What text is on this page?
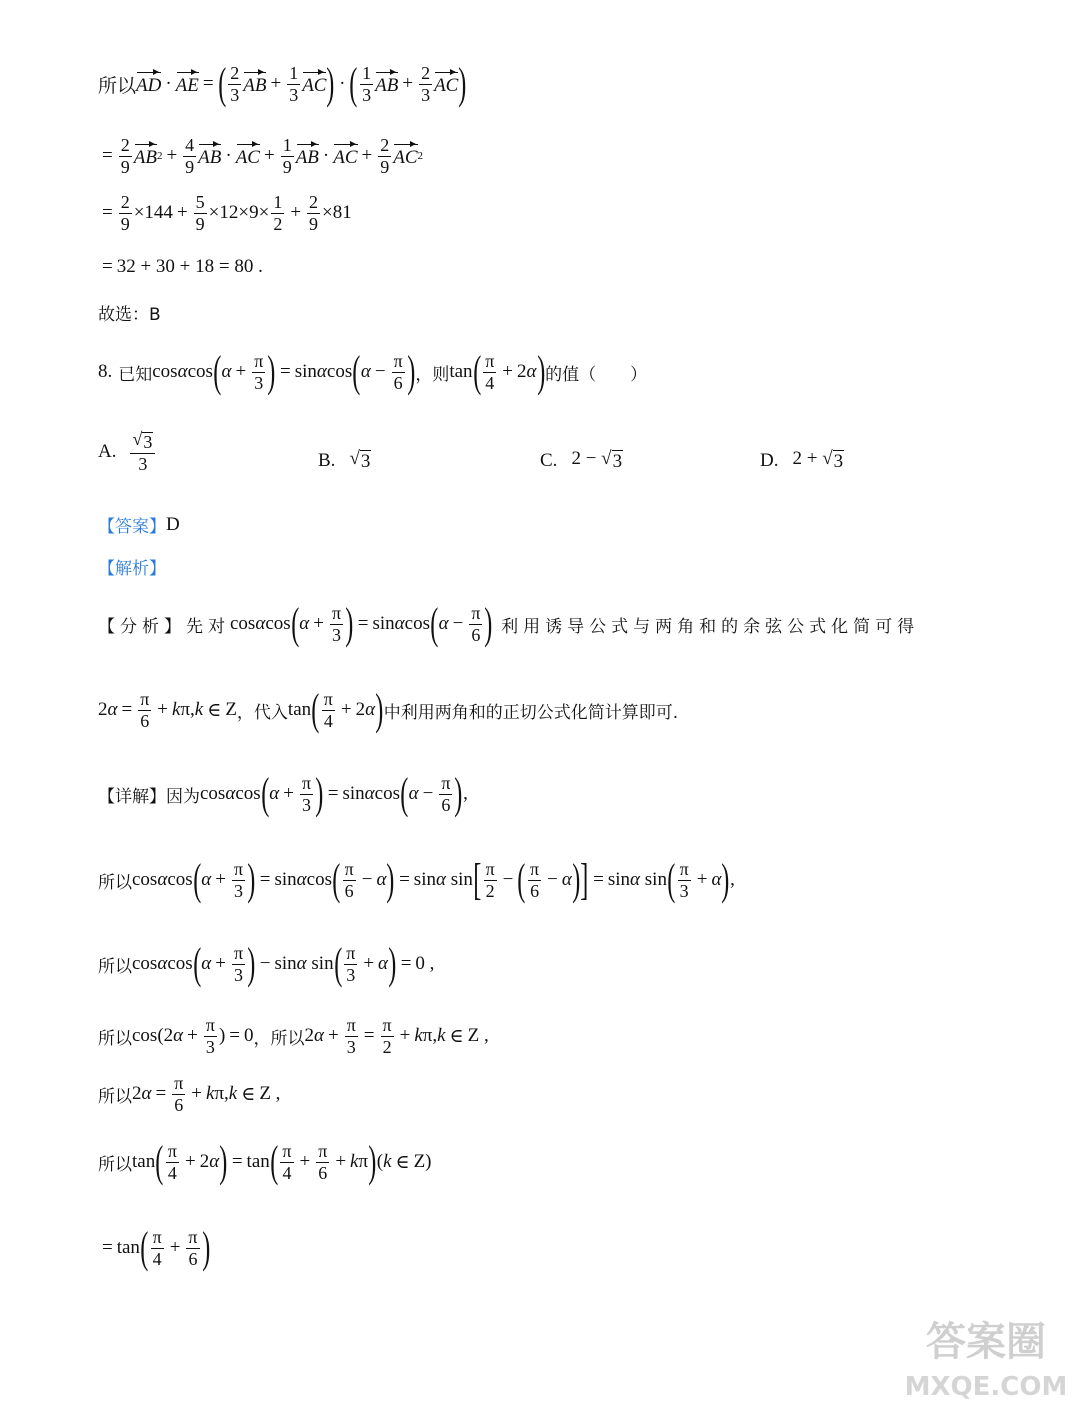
所以 AD · AE = ( $\frac{2}{3}$ AB + $\frac{1}{3}$ AC ) · ( $\frac{1}{3}$ AB + $\frac{2}{3}$ AC )
= $\frac{2}{9}$ AB $2 + \frac{4}{9}$ AB · AC + $\frac{1}{9}$ AB · AC + $\frac{2}{9}$ AC 2
= $\frac{2}{9} \times 144 + \frac{5}{9} \times 12\times 9\times \frac{1}{2} + \frac{2}{9} \times 81$
= 32 + 30 + 18 = 80 .
故选：B
8. 已知 cos α cos ( $\alpha + \frac{\pi}{3}$ ) = sin α cos ( $\alpha - \frac{\pi}{6}$ ) ，则 tan ( $\frac{\pi}{4} + 2$ α ) 的值（　　）
A. $\frac{√ 3}{3}$	B. √ 3	C. 2 − √ 3	D. 2 + √ 3
【答案】 D
【解析】
【分析】 先对 cos α cos ( $\alpha + \frac{\pi}{3}$ ) = sin α cos ( $\alpha - \frac{\pi}{6}$ ) 利用诱导公式与两角和的余弦公式化简可得
2 $\alpha = \frac{\pi}{6} + k$ π, k ∈ Z ，代入 tan ( $\frac{\pi}{4} + 2$ α ) 中利用两角和的正切公式化简计算即可.
【详解】 因为 cos α cos ( $\alpha + \frac{\pi}{3}$ ) = sin α cos ( $\alpha - \frac{\pi}{6}$ ) ,
所以 cos α cos ( $\alpha + \frac{\pi}{3}$ ) = sin α cos ( $\frac{\pi}{6} - \alpha$ ) = sin α sin [ $\frac{\pi}{2}$ − ( $\frac{\pi}{6} - \alpha$ ) ] = sin α sin ( $\frac{\pi}{3} + \alpha$ ) ,
所以 cos α cos ( $\alpha + \frac{\pi}{3}$ ) − sin α sin ( $\frac{\pi}{3} + \alpha$ ) = 0 ,
所以 cos(2 $\alpha + \frac{\pi}{3}$ ) = 0 ，所以 2 $\alpha + \frac{\pi}{3} = \frac{\pi}{2} + k$ π, k ∈ Z ,
所以 2 $\alpha = \frac{\pi}{6} + k$ π, k ∈ Z ,
所以 tan ( $\frac{\pi}{4} + 2$ α ) = tan ( $\frac{\pi}{4} + \frac{\pi}{6} + k$ π ) ( k ∈ Z)
= tan ( $\frac{\pi}{4} + \frac{\pi}{6}$ )
答案圈
MXQE.COM
